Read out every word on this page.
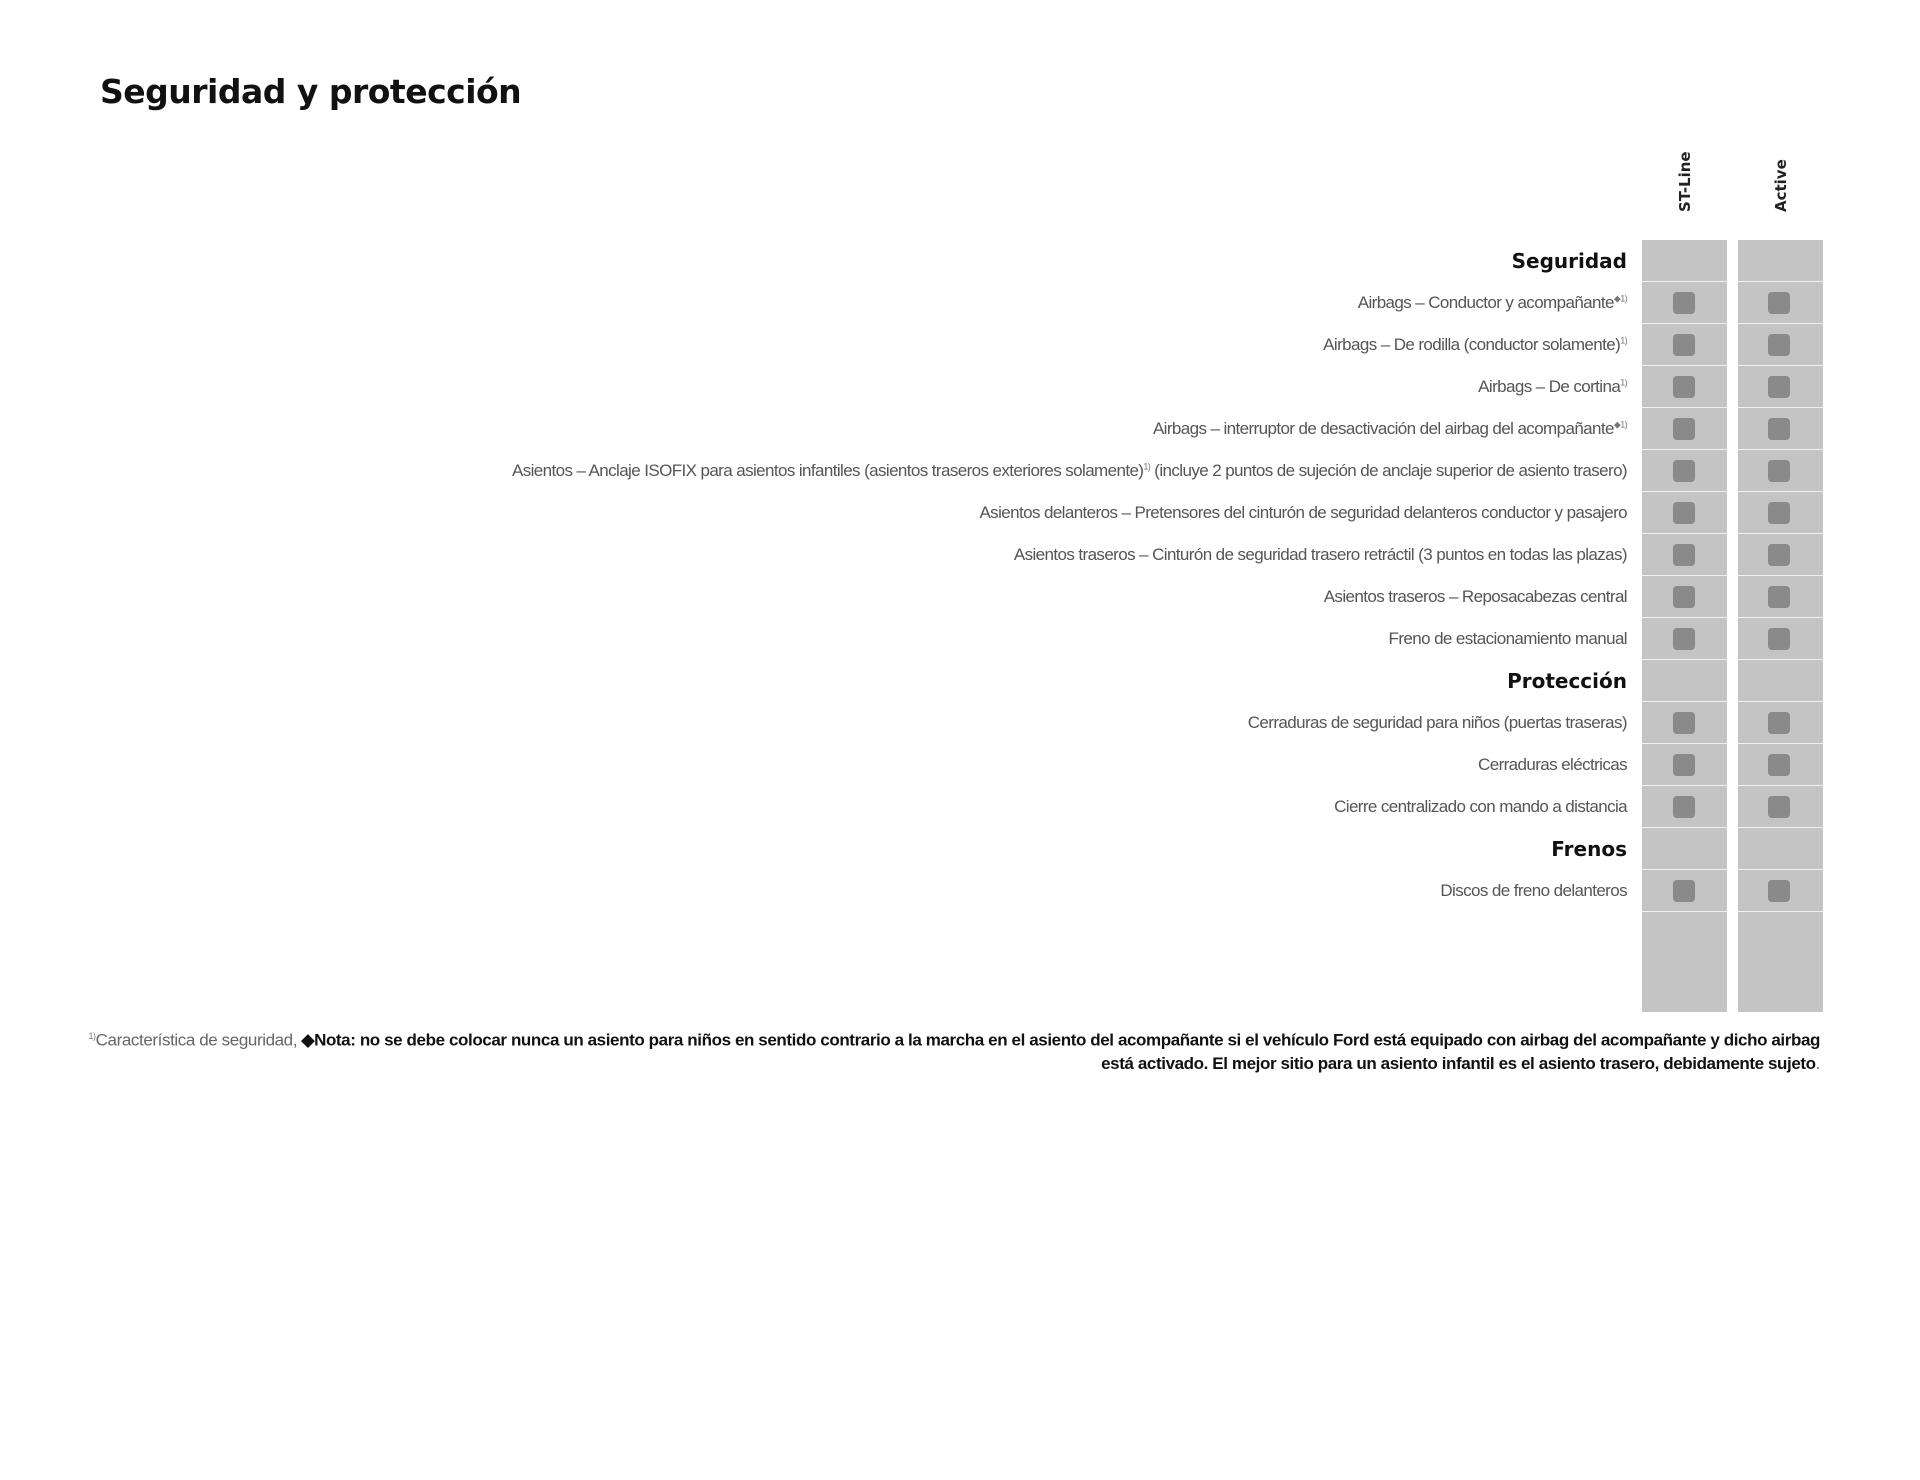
Seguridad y protección
ST-Line	Active
Seguridad
Airbags – Conductor y acompañante$^{◆1)}$
Airbags – De rodilla (conductor solamente)$^{1)}$
Airbags – De cortina$^{1)}$
Airbags – interruptor de desactivación del airbag del acompañante$^{◆1)}$
Asientos – Anclaje ISOFIX para asientos infantiles (asientos traseros exteriores solamente)$^{1)}$ (incluye 2 puntos de sujeción de anclaje superior de asiento trasero)
Asientos delanteros – Pretensores del cinturón de seguridad delanteros conductor y pasajero
Asientos traseros – Cinturón de seguridad trasero retráctil (3 puntos en todas las plazas)
Asientos traseros – Reposacabezas central
Freno de estacionamiento manual
Protección
Cerraduras de seguridad para niños (puertas traseras)
Cerraduras eléctricas
Cierre centralizado con mando a distancia
Frenos
Discos de freno delanteros
$^{1)}$Característica de seguridad, ◆Nota: no se debe colocar nunca un asiento para niños en sentido contrario a la marcha en el asiento del acompañante si el vehículo Ford está equipado con airbag del acompañante y dicho airbag está activado. El mejor sitio para un asiento infantil es el asiento trasero, debidamente sujeto.
